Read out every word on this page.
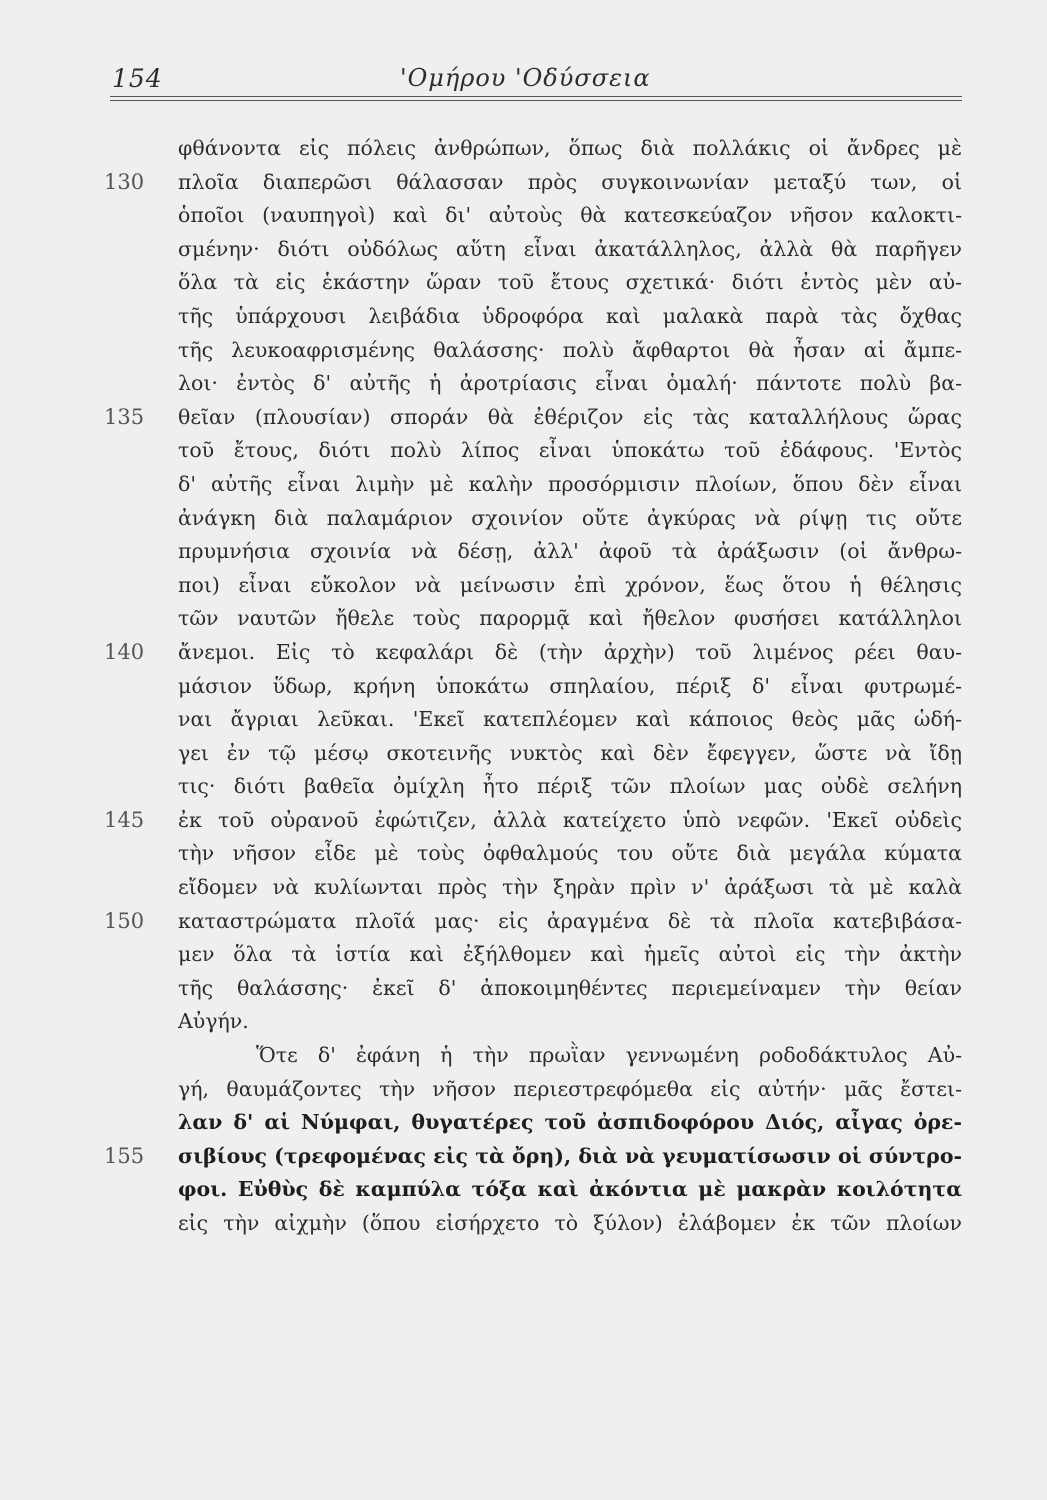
154	'Ομήρου 'Οδύσσεια
φθάνοντα εἰς πόλεις ἀνθρώπων, ὅπως διὰ πολλάκις οἱ ἄνδρες μὲ
130	πλοῖα διαπερῶσι θάλασσαν πρὸς συγκοινωνίαν μεταξύ των, οἱ
ὁποῖοι (ναυπηγοὶ) καὶ δι' αὐτοὺς θὰ κατεσκεύαζον νῆσον καλοκτι-
σμένην· διότι οὐδόλως αὕτη εἶναι ἀκατάλληλος, ἀλλὰ θὰ παρῆγεν
ὅλα τὰ εἰς ἑκάστην ὥραν τοῦ ἔτους σχετικά· διότι ἐντὸς μὲν αὐ-
τῆς ὑπάρχουσι λειβάδια ὑδροφόρα καὶ μαλακὰ παρὰ τὰς ὄχθας
τῆς λευκοαφρισμένης θαλάσσης· πολὺ ἄφθαρτοι θὰ ἦσαν αἱ ἄμπε-
λοι· ἐντὸς δ' αὐτῆς ἡ ἀροτρίασις εἶναι ὁμαλή· πάντοτε πολὺ βα-
135	θεῖαν (πλουσίαν) σποράν θὰ ἐθέριζον εἰς τὰς καταλλήλους ὥρας
τοῦ ἔτους, διότι πολὺ λίπος εἶναι ὑποκάτω τοῦ ἐδάφους. 'Εντὸς
δ' αὐτῆς εἶναι λιμὴν μὲ καλὴν προσόρμισιν πλοίων, ὅπου δὲν εἶναι
ἀνάγκη διὰ παλαμάριον σχοινίον οὔτε ἀγκύρας νὰ ρίψῃ τις οὔτε
πρυμνήσια σχοινία νὰ δέσῃ, ἀλλ' ἀφοῦ τὰ ἀράξωσιν (οἱ ἄνθρω-
ποι) εἶναι εὔκολον νὰ μείνωσιν ἐπὶ χρόνον, ἕως ὅτου ἡ θέλησις
τῶν ναυτῶν ἤθελε τοὺς παρορμᾷ καὶ ἤθελον φυσήσει κατάλληλοι
140	ἄνεμοι. Εἰς τὸ κεφαλάρι δὲ (τὴν ἀρχὴν) τοῦ λιμένος ρέει θαυ-
μάσιον ὕδωρ, κρήνη ὑποκάτω σπηλαίου, πέριξ δ' εἶναι φυτρωμέ-
ναι ἄγριαι λεῦκαι. 'Εκεῖ κατεπλέομεν καὶ κάποιος θεὸς μᾶς ὡδή-
γει ἐν τῷ μέσῳ σκοτεινῆς νυκτὸς καὶ δὲν ἔφεγγεν, ὥστε νὰ ἴδῃ
τις· διότι βαθεῖα ὀμίχλη ἦτο πέριξ τῶν πλοίων μας οὐδὲ σελήνη
145	ἐκ τοῦ οὐρανοῦ ἐφώτιζεν, ἀλλὰ κατείχετο ὑπὸ νεφῶν. 'Εκεῖ οὐδεὶς
τὴν νῆσον εἶδε μὲ τοὺς ὀφθαλμούς του οὔτε διὰ μεγάλα κύματα
εἴδομεν νὰ κυλίωνται πρὸς τὴν ξηρὰν πρὶν ν' ἀράξωσι τὰ μὲ καλὰ
150	καταστρώματα πλοῖά μας· εἰς ἀραγμένα δὲ τὰ πλοῖα κατεβιβάσα-
μεν ὅλα τὰ ἱστία καὶ ἐξήλθομεν καὶ ἡμεῖς αὐτοὶ εἰς τὴν ἀκτὴν
τῆς θαλάσσης· ἐκεῖ δ' ἀποκοιμηθέντες περιεμείναμεν τὴν θείαν
Αὐγήν.
Ὅτε δ' ἐφάνη ἡ τὴν πρωῒαν γεννωμένη ροδοδάκτυλος Αὐ-
γή, θαυμάζοντες τὴν νῆσον περιεστρεφόμεθα εἰς αὐτήν· μᾶς ἔστει-
λαν δ' αἱ Νύμφαι, θυγατέρες τοῦ ἀσπιδοφόρου Διός, αἶγας ὀρε-
155	σιβίους (τρεφομένας εἰς τὰ ὄρη), διὰ νὰ γευματίσωσιν οἱ σύντρο-
φοι. Εὐθὺς δὲ καμπύλα τόξα καὶ ἀκόντια μὲ μακρὰν κοιλότητα
εἰς τὴν αἰχμὴν (ὅπου εἰσήρχετο τὸ ξύλον) ἐλάβομεν ἐκ τῶν πλοίων
